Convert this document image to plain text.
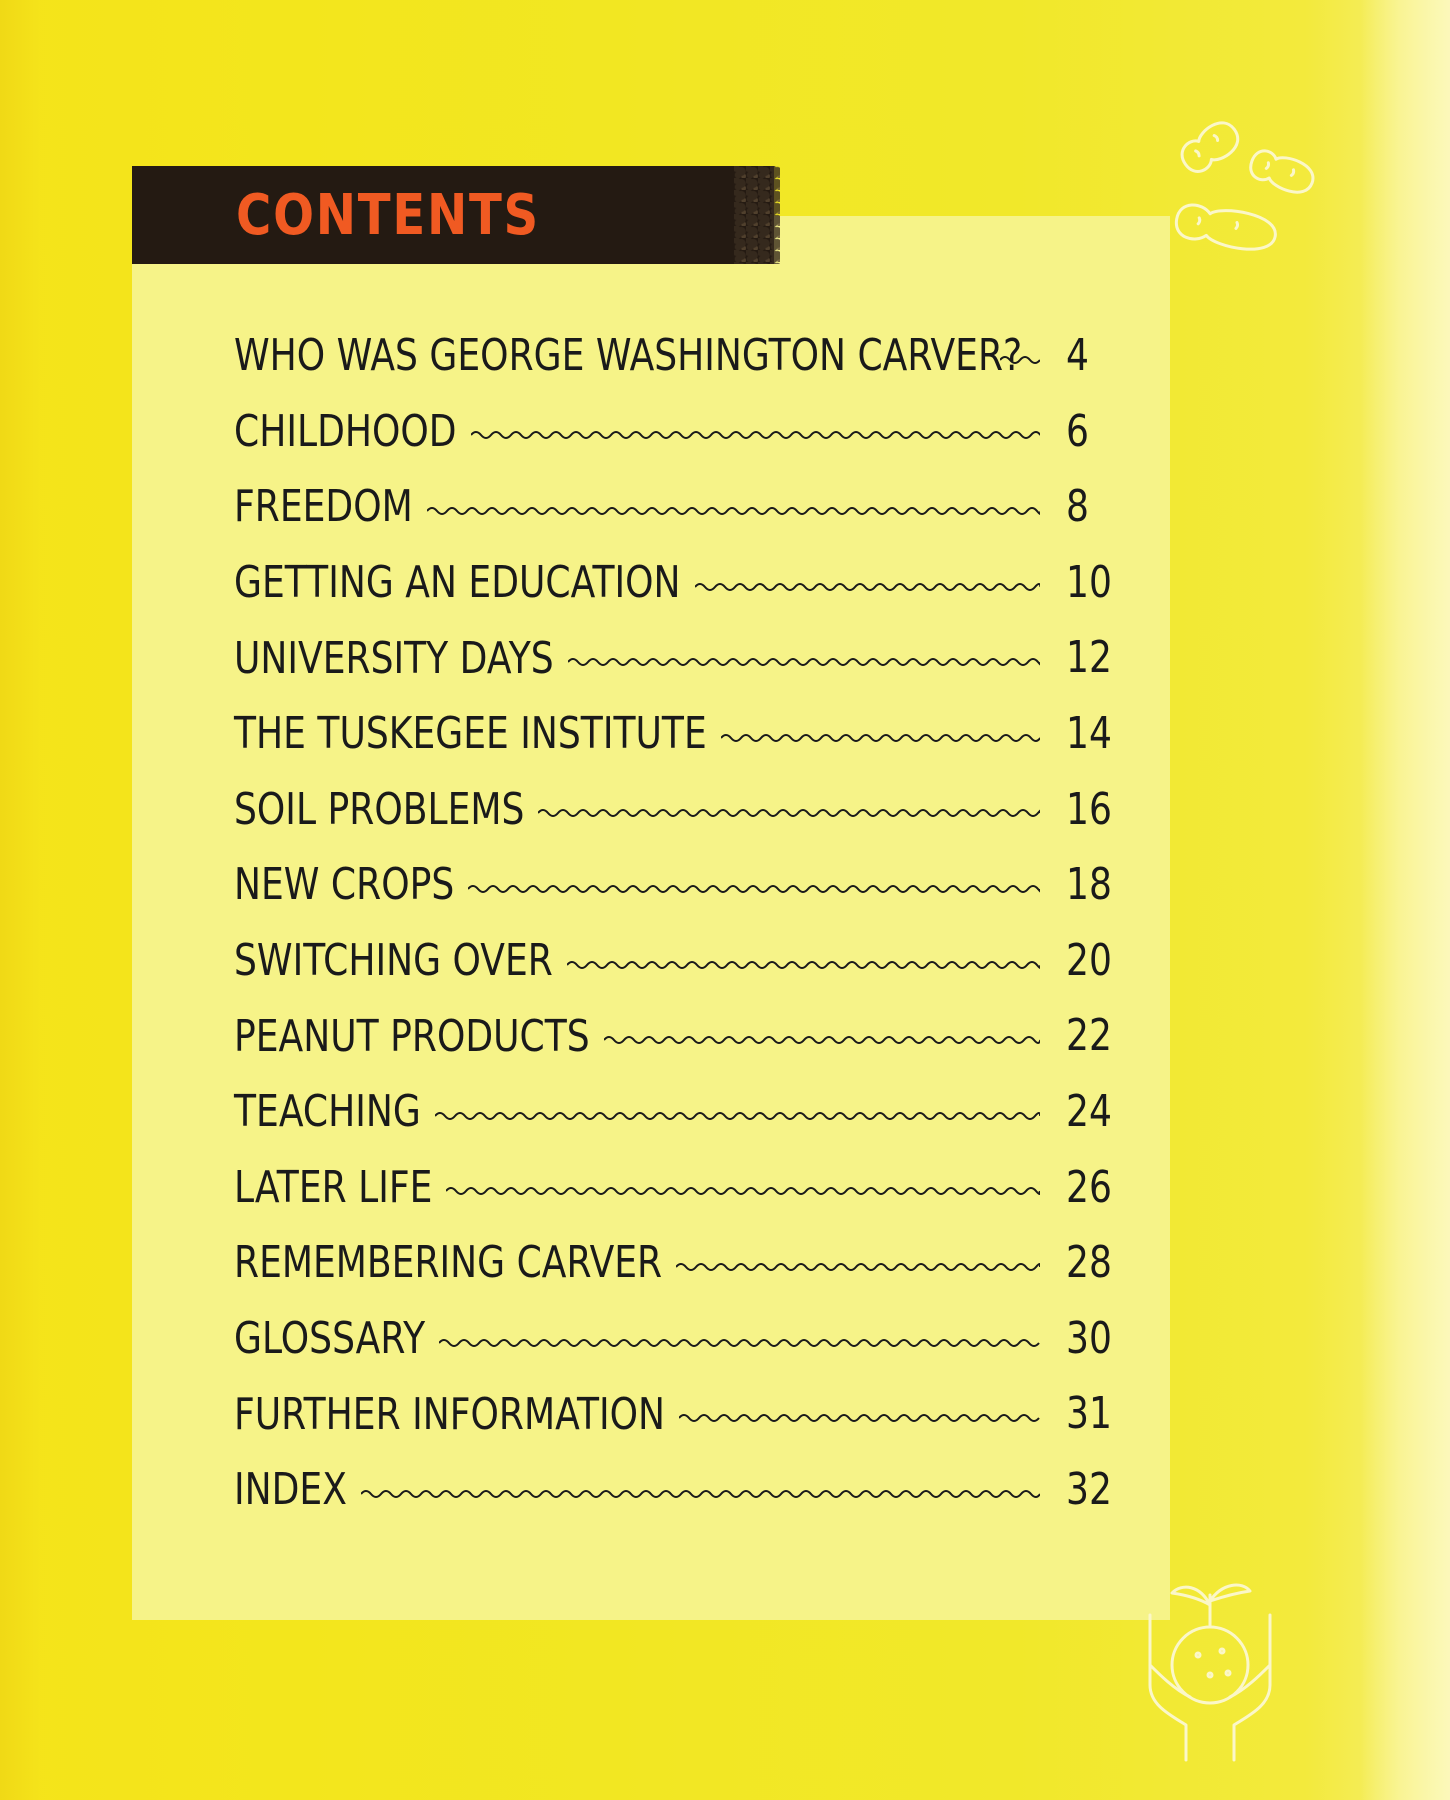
CONTENTS
WHO WAS GEORGE WASHINGTON CARVER? 4
CHILDHOOD	6
FREEDOM	8
GETTING AN EDUCATION	10
UNIVERSITY DAYS	12
THE TUSKEGEE INSTITUTE	14
SOIL PROBLEMS	16
NEW CROPS	18
SWITCHING OVER	20
PEANUT PRODUCTS	22
TEACHING	24
LATER LIFE	26
REMEMBERING CARVER	28
GLOSSARY	30
FURTHER INFORMATION	31
INDEX	32
